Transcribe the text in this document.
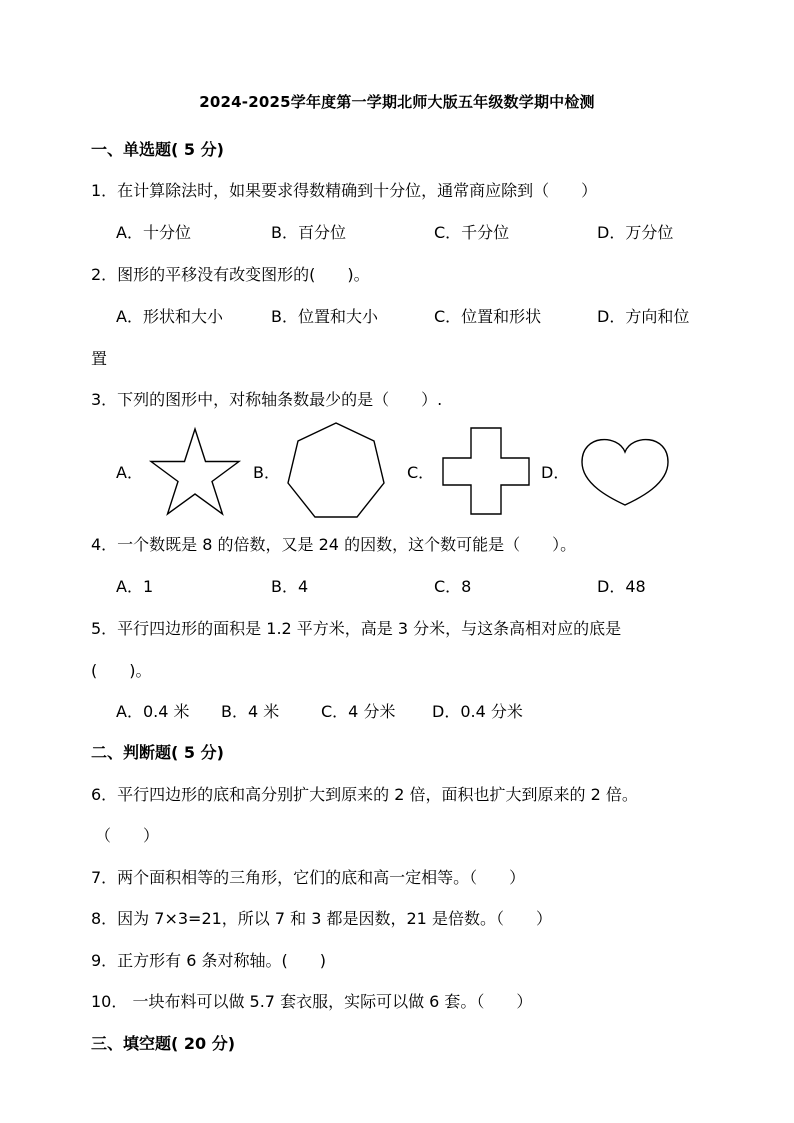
2024-2025学年度第一学期北师大版五年级数学期中检测
一、单选题( 5 分)
1．在计算除法时，如果要求得数精确到十分位，通常商应除到（　　）
A．十分位	B．百分位	C．千分位	D．万分位
2．图形的平移没有改变图形的(　　)。
A．形状和大小	B．位置和大小	C．位置和形状	D．方向和位
置
3．下列的图形中，对称轴条数最少的是（　　）.
A．	B．	C．	D．
4．一个数既是 8 的倍数，又是 24 的因数，这个数可能是（　　）。
A．1	B．4	C．8	D．48
5．平行四边形的面积是 1.2 平方米，高是 3 分米，与这条高相对应的底是
(　　)。
A．0.4 米 B．4 米	C．4 分米 D．0.4 分米
二、判断题( 5 分)
6．平行四边形的底和高分别扩大到原来的 2 倍，面积也扩大到原来的 2 倍。
（　　）
7．两个面积相等的三角形，它们的底和高一定相等。（　　）
8．因为 7×3=21，所以 7 和 3 都是因数，21 是倍数。（　　）
9．正方形有 6 条对称轴。(　　)
10． 一块布料可以做 5.7 套衣服，实际可以做 6 套。（　　）
三、填空题( 20 分)
